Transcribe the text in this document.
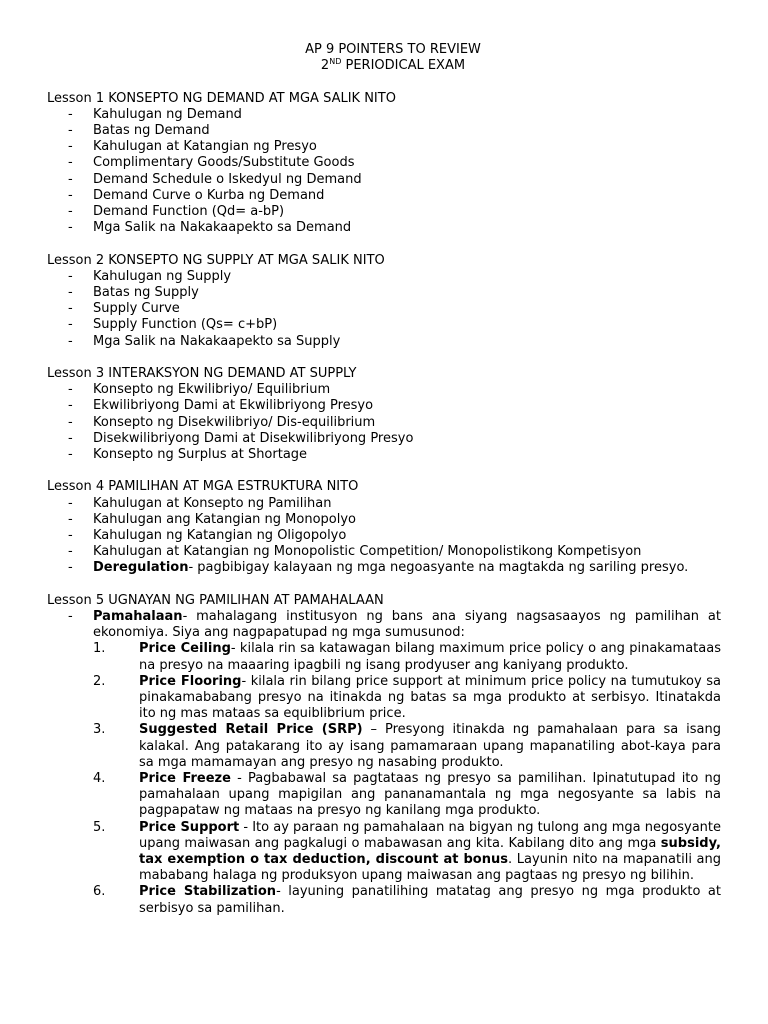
AP 9 POINTERS TO REVIEW
2ND PERIODICAL EXAM
Lesson 1 KONSEPTO NG DEMAND AT MGA SALIK NITO
- Kahulugan ng Demand
- Batas ng Demand
- Kahulugan at Katangian ng Presyo
- Complimentary Goods/Substitute Goods
- Demand Schedule o Iskedyul ng Demand
- Demand Curve o Kurba ng Demand
- Demand Function (Qd= a-bP)
- Mga Salik na Nakakaapekto sa Demand
Lesson 2 KONSEPTO NG SUPPLY AT MGA SALIK NITO
- Kahulugan ng Supply
- Batas ng Supply
- Supply Curve
- Supply Function (Qs= c+bP)
- Mga Salik na Nakakaapekto sa Supply
Lesson 3 INTERAKSYON NG DEMAND AT SUPPLY
- Konsepto ng Ekwilibriyo/ Equilibrium
- Ekwilibriyong Dami at Ekwilibriyong Presyo
- Konsepto ng Disekwilibriyo/ Dis-equilibrium
- Disekwilibriyong Dami at Disekwilibriyong Presyo
- Konsepto ng Surplus at Shortage
Lesson 4 PAMILIHAN AT MGA ESTRUKTURA NITO
- Kahulugan at Konsepto ng Pamilihan
- Kahulugan ang Katangian ng Monopolyo
- Kahulugan ng Katangian ng Oligopolyo
- Kahulugan at Katangian ng Monopolistic Competition/ Monopolistikong Kompetisyon
- Deregulation- pagbibigay kalayaan ng mga negoasyante na magtakda ng sariling presyo.
Lesson 5 UGNAYAN NG PAMILIHAN AT PAMAHALAAN
- Pamahalaan- mahalagang institusyon ng bans ana siyang nagsasaayos ng pamilihan at ekonomiya. Siya ang nagpapatupad ng mga sumusunod:
1.	Price Ceiling- kilala rin sa katawagan bilang maximum price policy o ang pinakamataas na presyo na maaaring ipagbili ng isang prodyuser ang kaniyang produkto.
2.	Price Flooring- kilala rin bilang price support at minimum price policy na tumutukoy sa pinakamababang presyo na itinakda ng batas sa mga produkto at serbisyo. Itinatakda ito ng mas mataas sa equiblibrium price.
3.	Suggested Retail Price (SRP) – Presyong itinakda ng pamahalaan para sa isang kalakal. Ang patakarang ito ay isang pamamaraan upang mapanatiling abot-kaya para sa mga mamamayan ang presyo ng nasabing produkto.
4.	Price Freeze - Pagbabawal sa pagtataas ng presyo sa pamilihan. Ipinatutupad ito ng pamahalaan upang mapigilan ang pananamantala ng mga negosyante sa labis na pagpapataw ng mataas na presyo ng kanilang mga produkto.
5.	Price Support - Ito ay paraan ng pamahalaan na bigyan ng tulong ang mga negosyante upang maiwasan ang pagkalugi o mabawasan ang kita. Kabilang dito ang mga subsidy, tax exemption o tax deduction, discount at bonus. Layunin nito na mapanatili ang mababang halaga ng produksyon upang maiwasan ang pagtaas ng presyo ng bilihin.
6.	Price Stabilization- layuning panatilihing matatag ang presyo ng mga produkto at serbisyo sa pamilihan.
